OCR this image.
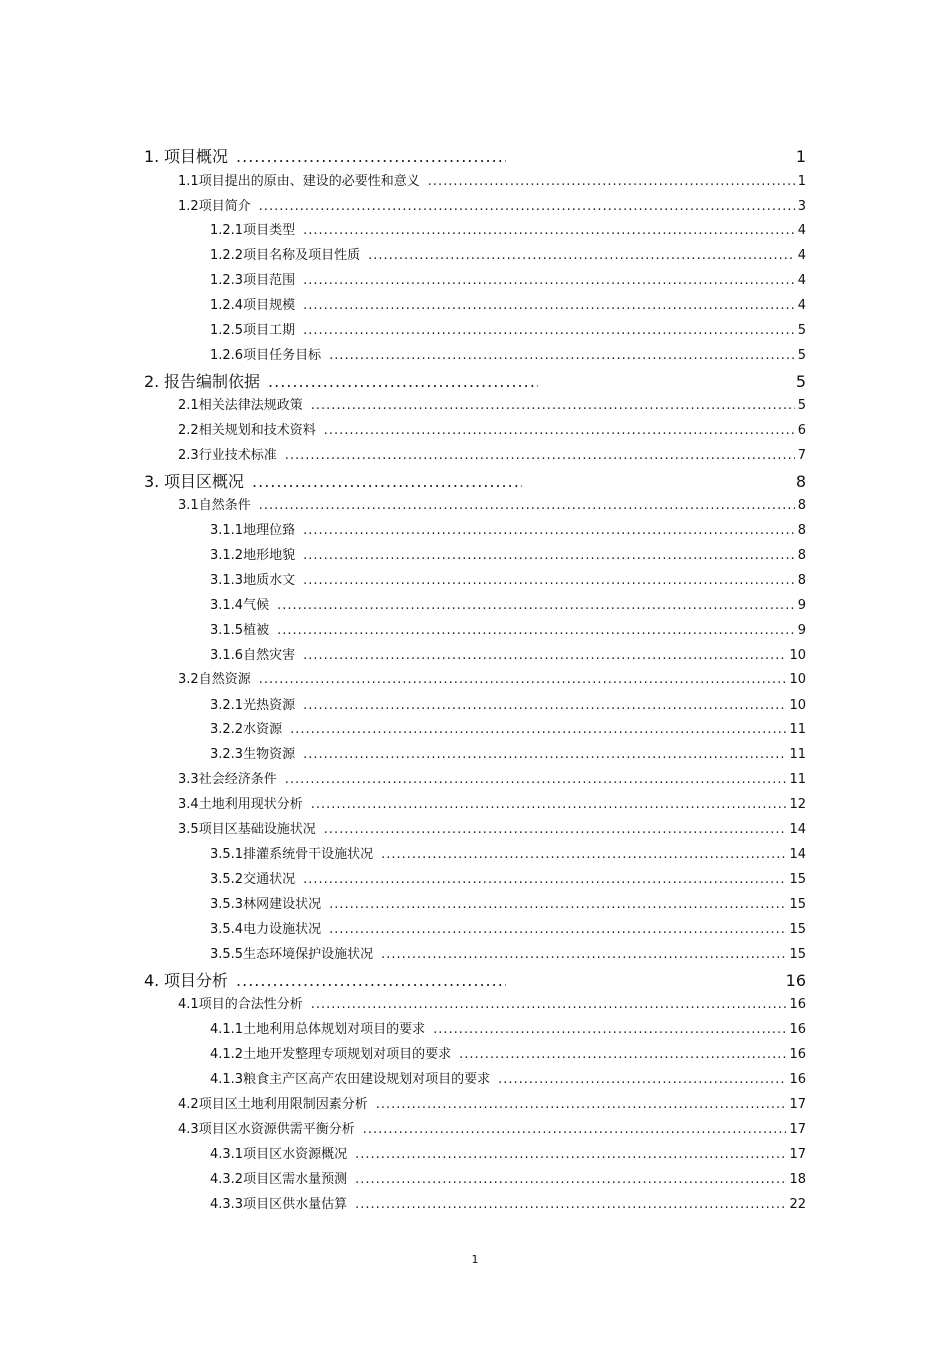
1. 项目概况 .....	1
1.1 项目提出的原由、建设的必要性和意义 .....	1
1.2 项目简介 .....	3
1.2.1 项目类型 .....	4
1.2.2 项目名称及项目性质 .....	4
1.2.3 项目范围 .....	4
1.2.4 项目规模 .....	4
1.2.5 项目工期 .....	5
1.2.6 项目任务目标 .....	5
2. 报告编制依据 .....	5
2.1 相关法律法规政策 .....	5
2.2 相关规划和技术资料 .....	6
2.3 行业技术标准 .....	7
3. 项目区概况 .....	8
3.1 自然条件 .....	8
3.1.1 地理位臵 .....	8
3.1.2 地形地貌 .....	8
3.1.3 地质水文 .....	8
3.1.4 气候 .....	9
3.1.5 植被 .....	9
3.1.6 自然灾害 .....	10
3.2 自然资源 .....	10
3.2.1 光热资源 .....	10
3.2.2 水资源 .....	11
3.2.3 生物资源 .....	11
3.3 社会经济条件 .....	11
3.4 土地利用现状分析 .....	12
3.5 项目区基础设施状况 .....	14
3.5.1 排灌系统骨干设施状况 .....	14
3.5.2 交通状况 .....	15
3.5.3 林网建设状况 .....	15
3.5.4 电力设施状况 .....	15
3.5.5 生态环境保护设施状况 .....	15
4. 项目分析 .....	16
4.1 项目的合法性分析 .....	16
4.1.1 土地利用总体规划对项目的要求 .....	16
4.1.2 土地开发整理专项规划对项目的要求 .....	16
4.1.3 粮食主产区高产农田建设规划对项目的要求 .....	16
4.2 项目区土地利用限制因素分析 .....	17
4.3 项目区水资源供需平衡分析 .....	17
4.3.1 项目区水资源概况 .....	17
4.3.2 项目区需水量预测 .....	18
4.3.3 项目区供水量估算 .....	22
1
